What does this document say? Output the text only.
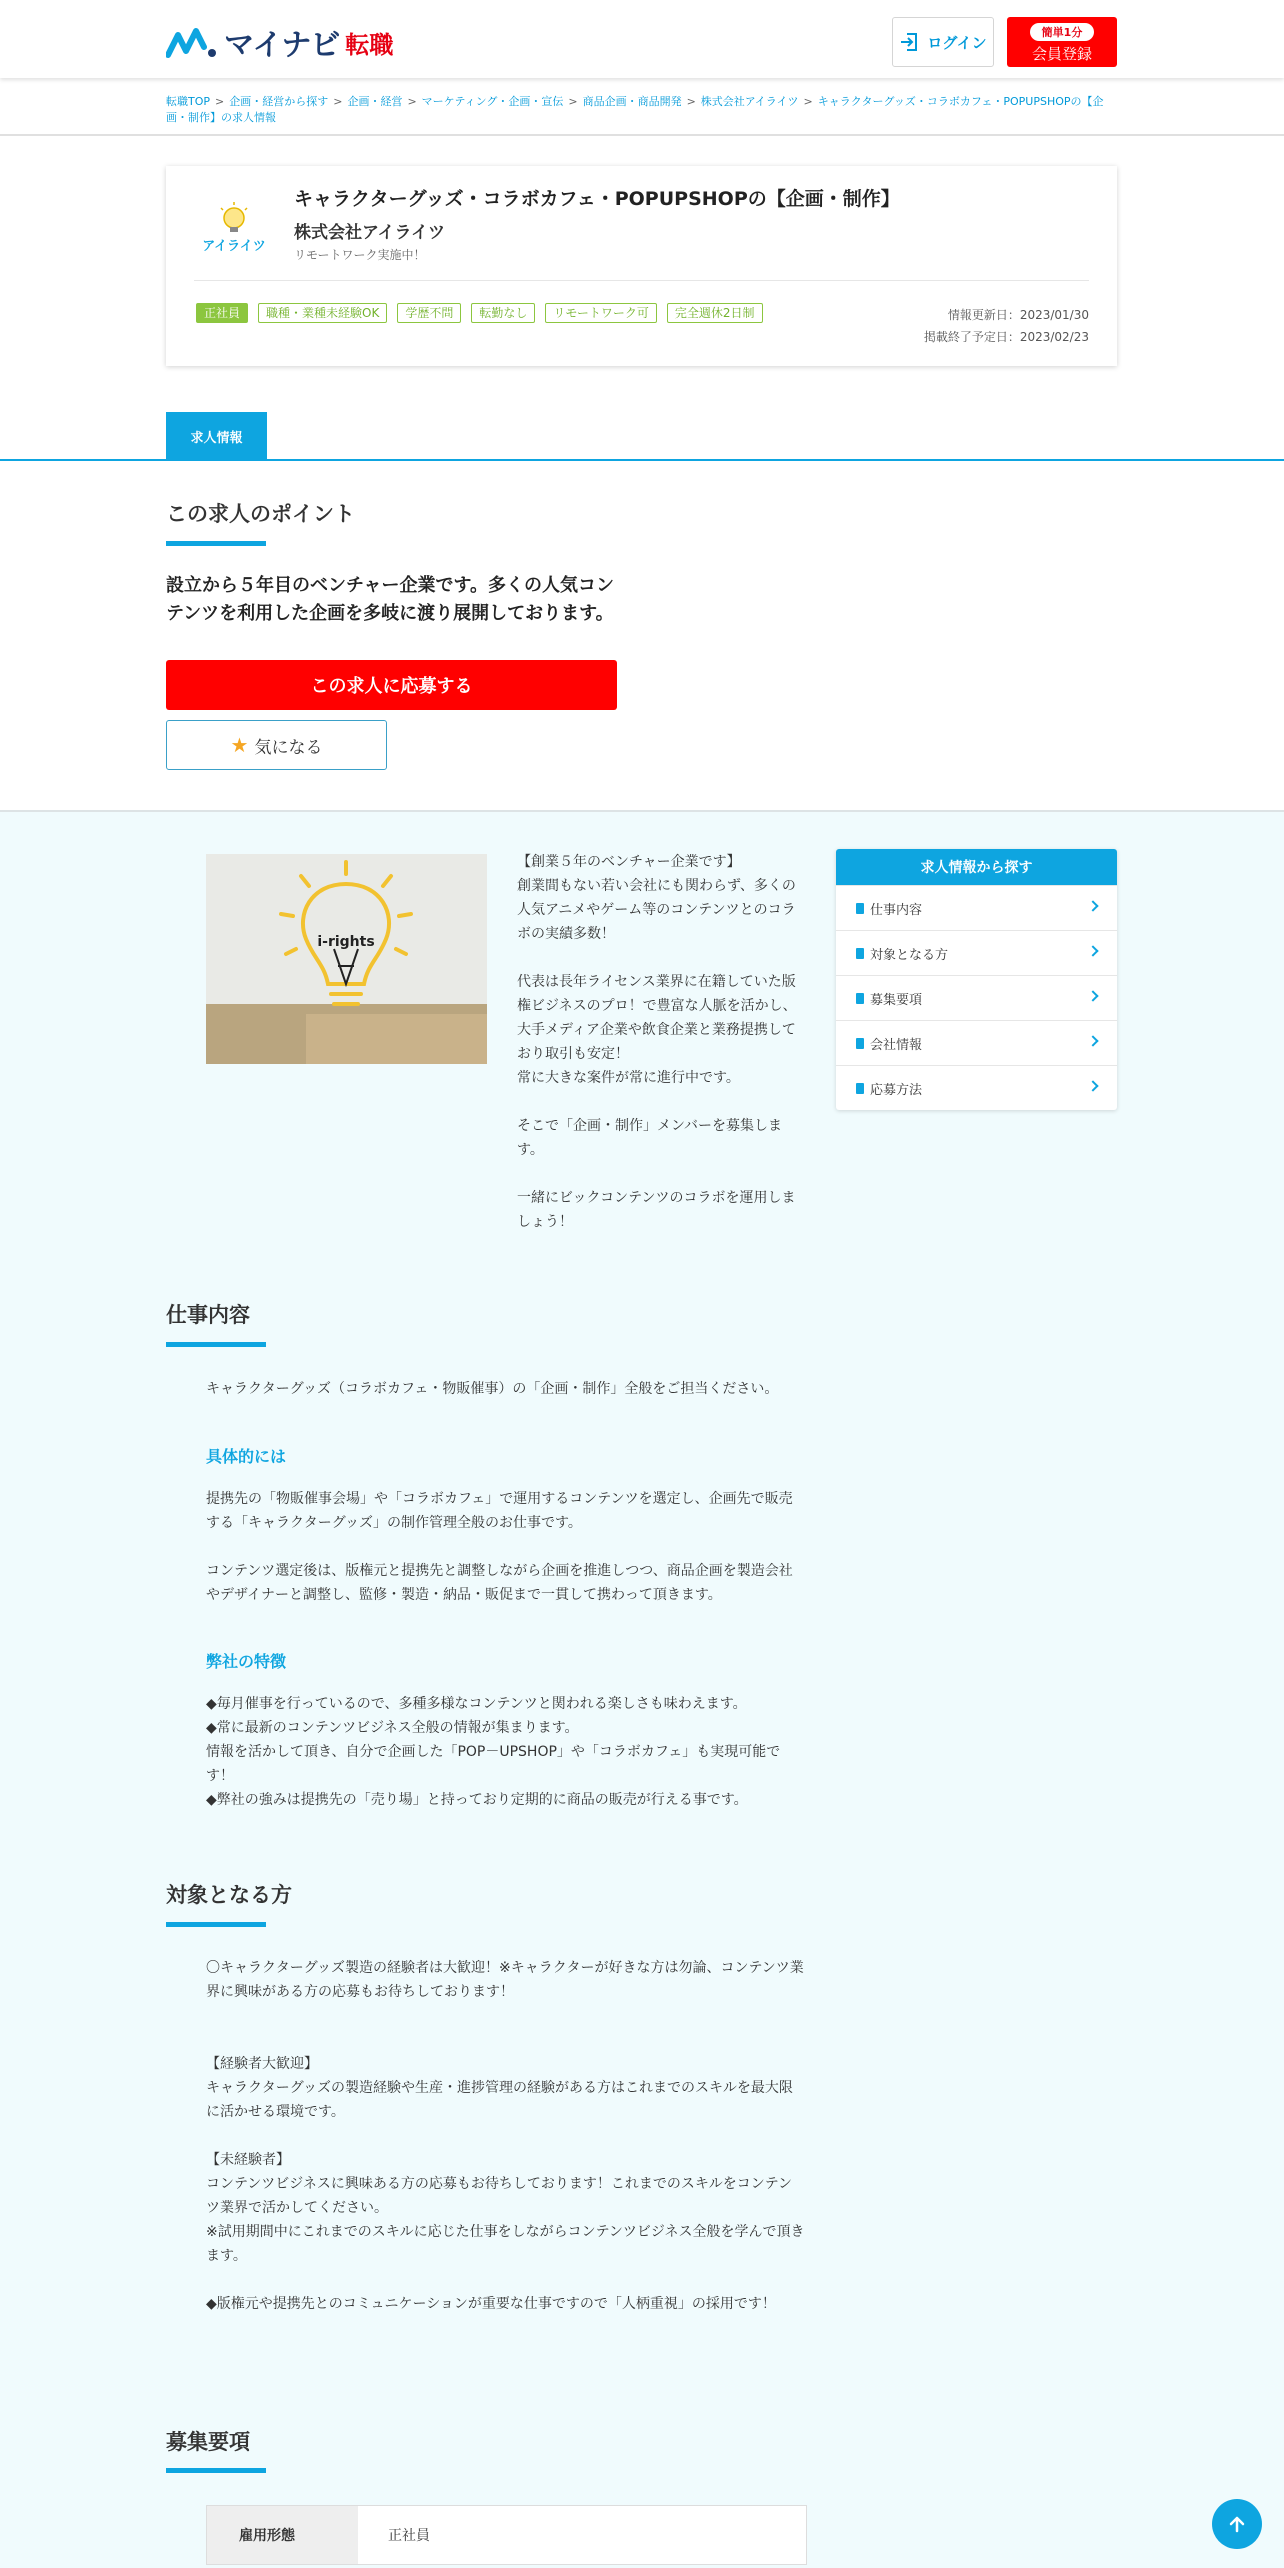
マイナビ 転職	ログイン
簡単1分
会員登録
転職TOP > 企画・経営から探す > 企画・経営 > マーケティング・企画・宣伝 > 商品企画・商品開発 > 株式会社アイライツ > キャラクターグッズ・コラボカフェ・POPUPSHOPの【企画・制作】の求人情報
アイライツ
キャラクターグッズ・コラボカフェ・POPUPSHOPの【企画・制作】
株式会社アイライツ
リモートワーク実施中！
正社員	職種・業種未経験OK	学歴不問	転勤なし	リモートワーク可	完全週休2日制	情報更新日：2023/01/30
掲載終了予定日：2023/02/23
求人情報
この求人のポイント
設立から５年目のベンチャー企業です。多くの人気コンテンツを利用した企画を多岐に渡り展開しております。
この求人に応募する
★ 気になる
i-rights

【創業５年のベンチャー企業です】
創業間もない若い会社にも関わらず、多くの人気アニメやゲーム等のコンテンツとのコラボの実績多数！

代表は長年ライセンス業界に在籍していた版権ビジネスのプロ！で豊富な人脈を活かし、大手メディア企業や飲食企業と業務提携しており取引も安定！
常に大きな案件が常に進行中です。

そこで「企画・制作」メンバーを募集します。

一緒にビックコンテンツのコラボを運用しましょう！

求人情報から探す
仕事内容
対象となる方
募集要項
会社情報
応募方法
仕事内容
キャラクターグッズ（コラボカフェ・物販催事）の「企画・制作」全般をご担当ください。
具体的には
提携先の「物販催事会場」や「コラボカフェ」で運用するコンテンツを選定し、企画先で販売する「キャラクターグッズ」の制作管理全般のお仕事です。
コンテンツ選定後は、版権元と提携先と調整しながら企画を推進しつつ、商品企画を製造会社やデザイナーと調整し、監修・製造・納品・販促まで一貫して携わって頂きます。
弊社の特徴
◆毎月催事を行っているので、多種多様なコンテンツと関われる楽しさも味わえます。
◆常に最新のコンテンツビジネス全般の情報が集まります。
情報を活かして頂き、自分で企画した「POP－UPSHOP」や「コラボカフェ」も実現可能です！
◆弊社の強みは提携先の「売り場」と持っており定期的に商品の販売が行える事です。
対象となる方
〇キャラクターグッズ製造の経験者は大歓迎！※キャラクターが好きな方は勿論、コンテンツ業界に興味がある方の応募もお待ちしております！
【経験者大歓迎】
キャラクターグッズの製造経験や生産・進捗管理の経験がある方はこれまでのスキルを最大限に活かせる環境です。
【未経験者】
コンテンツビジネスに興味ある方の応募もお待ちしております！これまでのスキルをコンテンツ業界で活かしてください。
※試用期間中にこれまでのスキルに応じた仕事をしながらコンテンツビジネス全般を学んで頂きます。
◆版権元や提携先とのコミュニケーションが重要な仕事ですので「人柄重視」の採用です！
募集要項
雇用形態	正社員
